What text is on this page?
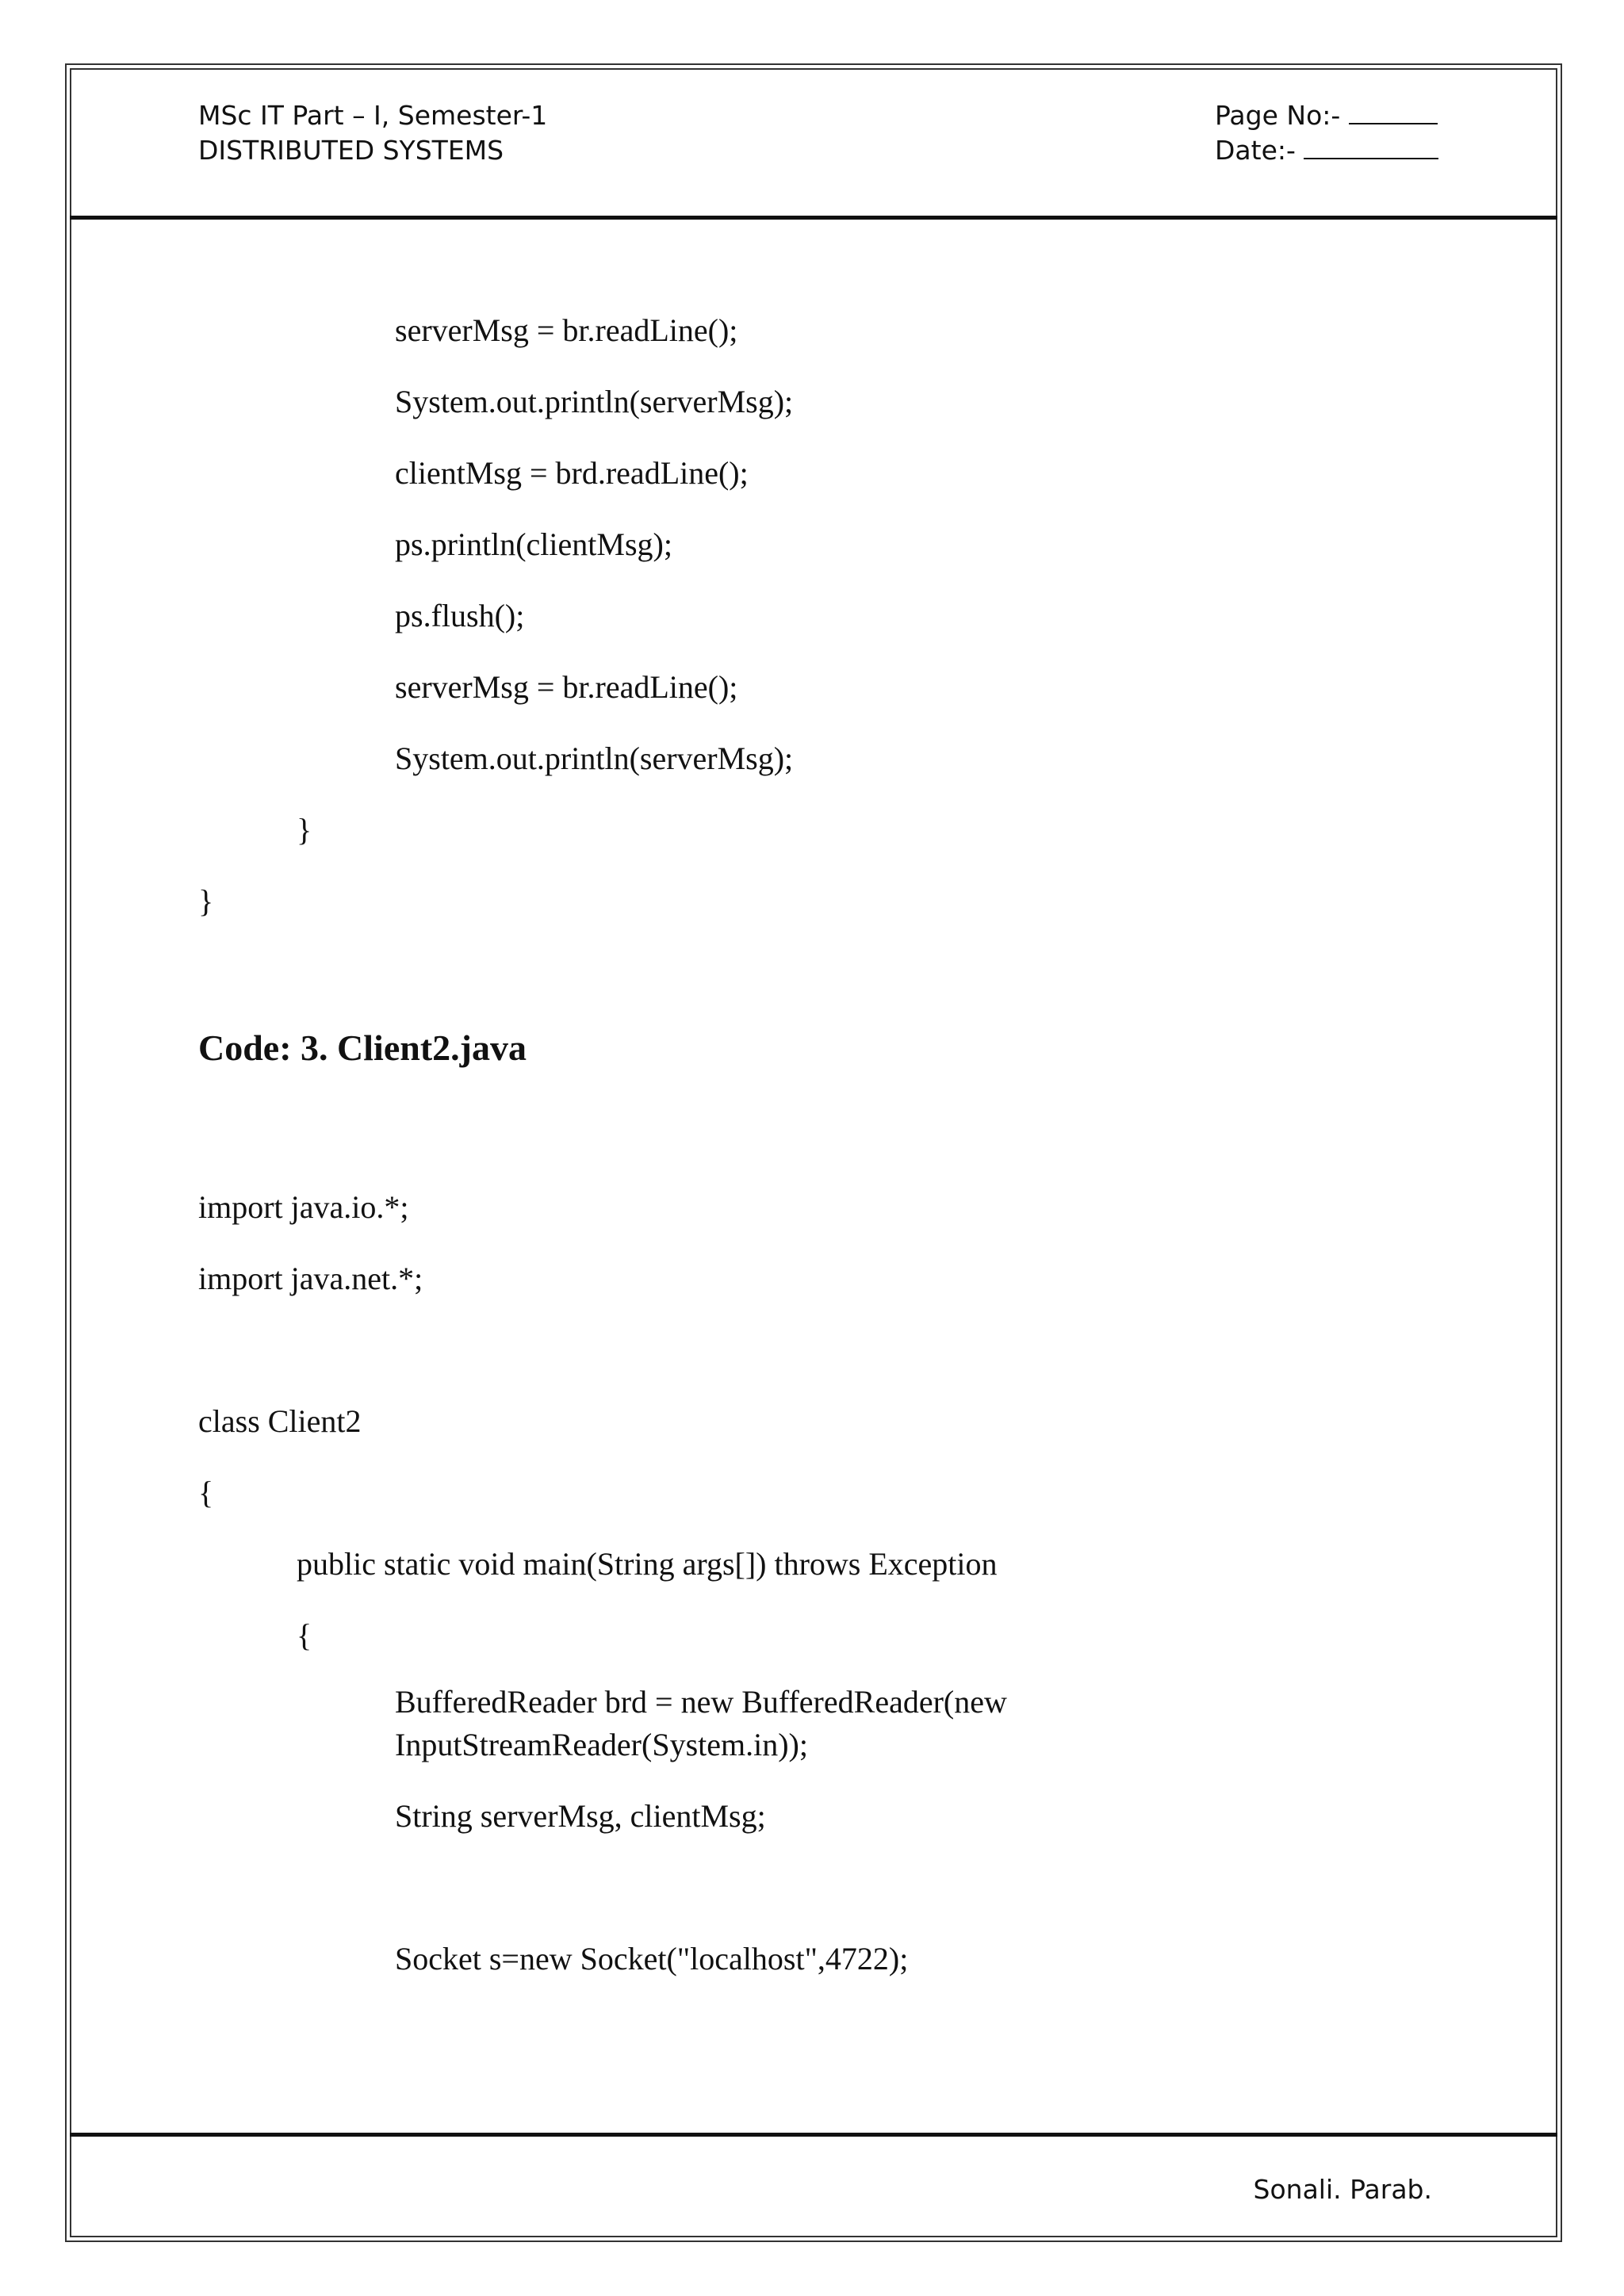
MSc IT Part – I, Semester-1
DISTRIBUTED SYSTEMS
Page No:-
Date:-
serverMsg = br.readLine();
System.out.println(serverMsg);
clientMsg = brd.readLine();
ps.println(clientMsg);
ps.flush();
serverMsg = br.readLine();
System.out.println(serverMsg);
}
}
Code: 3. Client2.java
import java.io.*;
import java.net.*;
class Client2
{
public static void main(String args[]) throws Exception
{
BufferedReader brd = new BufferedReader(new
InputStreamReader(System.in));
String serverMsg, clientMsg;
Socket s=new Socket("localhost",4722);
Sonali. Parab.
